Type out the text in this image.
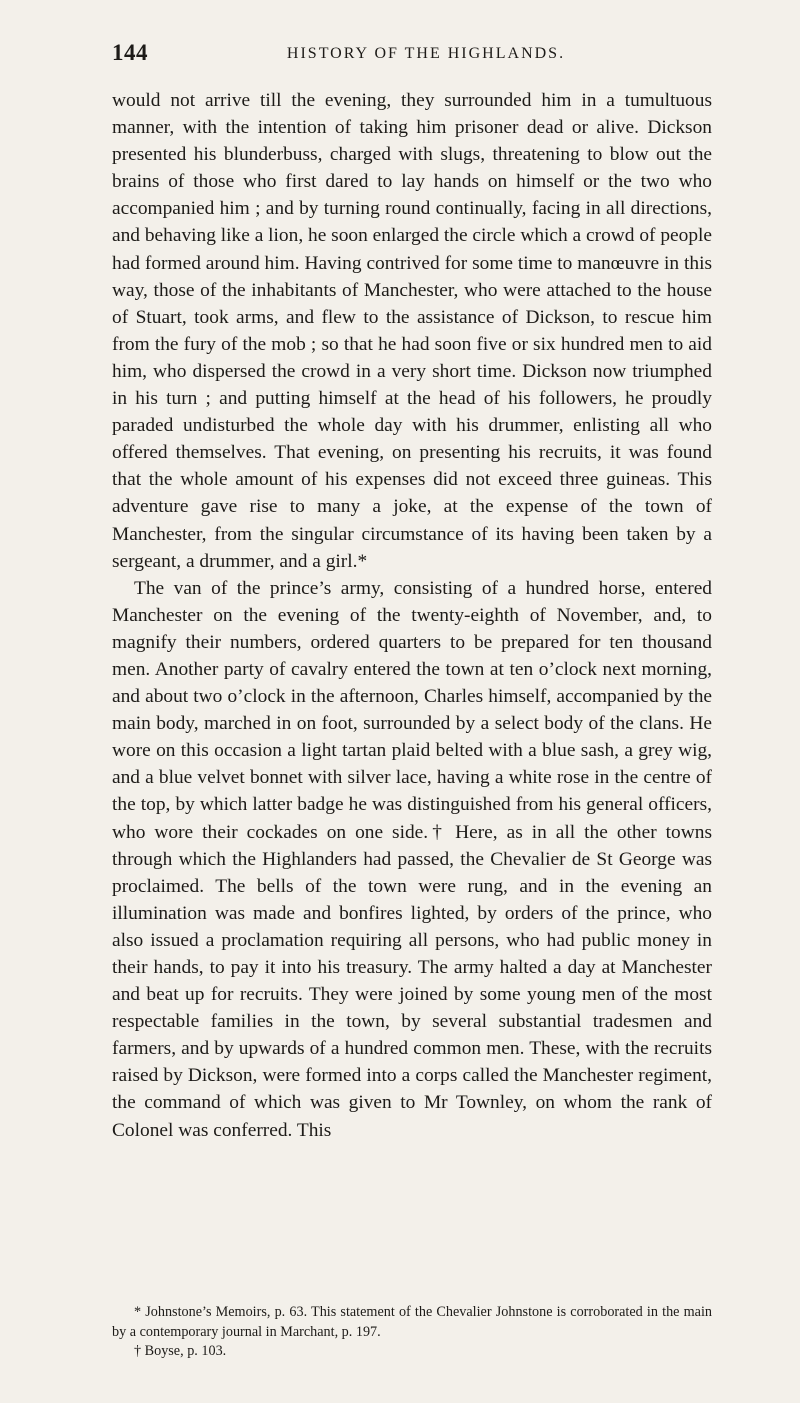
144	HISTORY OF THE HIGHLANDS.

would not arrive till the evening, they surrounded him in a tumultuous manner, with the intention of taking him prisoner dead or alive. Dickson presented his blunderbuss, charged with slugs, threatening to blow out the brains of those who first dared to lay hands on himself or the two who accompanied him ; and by turning round continually, facing in all directions, and behaving like a lion, he soon enlarged the circle which a crowd of people had formed around him. Having contrived for some time to manœuvre in this way, those of the inhabitants of Manchester, who were attached to the house of Stuart, took arms, and flew to the assistance of Dickson, to rescue him from the fury of the mob ; so that he had soon five or six hundred men to aid him, who dispersed the crowd in a very short time. Dickson now triumphed in his turn ; and putting himself at the head of his followers, he proudly paraded undisturbed the whole day with his drummer, enlisting all who offered themselves. That evening, on presenting his recruits, it was found that the whole amount of his expenses did not exceed three guineas. This adventure gave rise to many a joke, at the expense of the town of Manchester, from the singular circumstance of its having been taken by a sergeant, a drummer, and a girl.*

The van of the prince’s army, consisting of a hundred horse, entered Manchester on the evening of the twenty-eighth of November, and, to magnify their numbers, ordered quarters to be prepared for ten thousand men. Another party of cavalry entered the town at ten o’clock next morning, and about two o’clock in the afternoon, Charles himself, accompanied by the main body, marched in on foot, surrounded by a select body of the clans. He wore on this occasion a light tartan plaid belted with a blue sash, a grey wig, and a blue velvet bonnet with silver lace, having a white rose in the centre of the top, by which latter badge he was distinguished from his general officers, who wore their cockades on one side.† Here, as in all the other towns through which the Highlanders had passed, the Chevalier de St George was proclaimed. The bells of the town were rung, and in the evening an illumination was made and bonfires lighted, by orders of the prince, who also issued a proclamation requiring all persons, who had public money in their hands, to pay it into his treasury. The army halted a day at Manchester and beat up for recruits. They were joined by some young men of the most respectable families in the town, by several substantial tradesmen and farmers, and by upwards of a hundred common men. These, with the recruits raised by Dickson, were formed into a corps called the Manchester regiment, the command of which was given to Mr Townley, on whom the rank of Colonel was conferred. This

* Johnstone’s Memoirs, p. 63. This statement of the Chevalier Johnstone is corroborated in the main by a contemporary journal in Marchant, p. 197.

† Boyse, p. 103.
